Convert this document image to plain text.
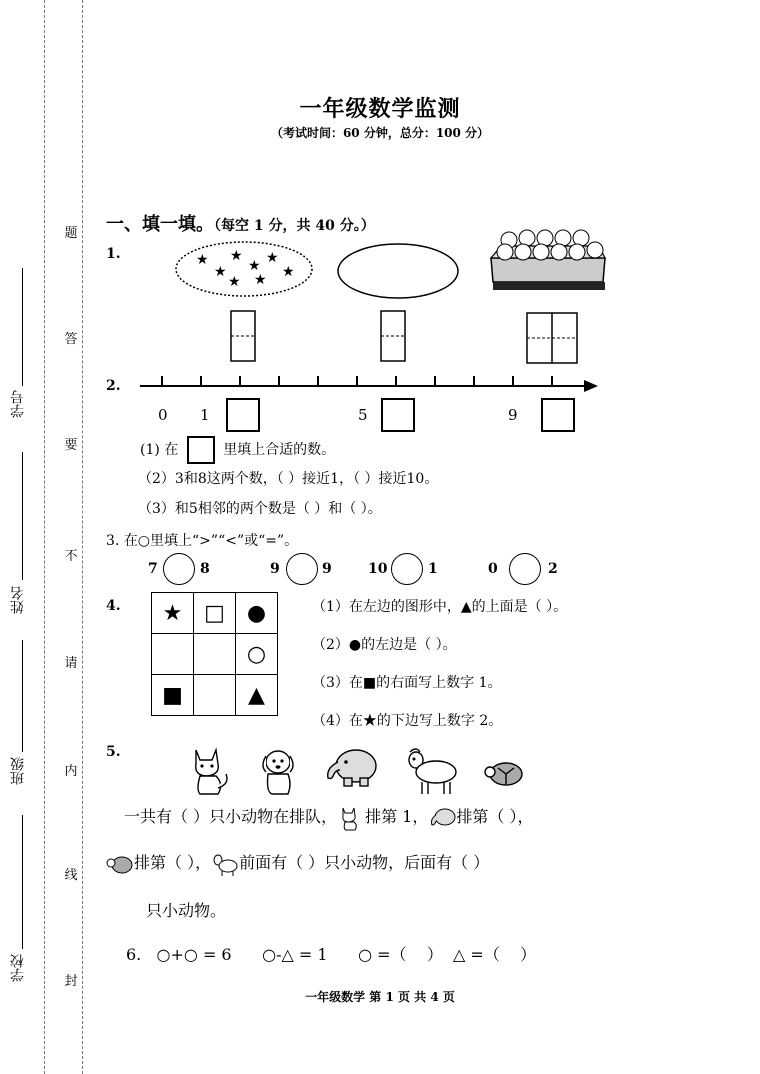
学号
姓名
班级
学校
题
答
要
不
请
内
线
封
一年级数学监测
（考试时间：60 分钟，总分：100 分）
一、填一填。（每空 1 分，共 40 分。）
1.	★
★
★
★ ★
★
★ ★
2.
0 1	5	9
(1) 在	里填上合适的数。
（2）3和8这两个数，（ ）接近1，（ ）接近10。
（3）和5相邻的两个数是（ ）和（ ）。
3. 在○里填上“>”“<”或“=”。
7	8	9	9	10	1	0	2
4. ★	□	●
		○
■		▲
（1）在左边的图形中，▲的上面是（ ）。
（2）●的左边是（ ）。
（3）在■的右面写上数字 1。
（4）在★的下边写上数字 2。
5.
一共有（ ）只小动物在排队， 排第 1， 排第（ ），
排第（ ）， 前面有（ ）只小动物，后面有（ ）
只小动物。
6.   ○+○ = 6      ○-△ = 1      ○ =（    ）  △ =（    ）
一年级数学 第 1 页 共 4 页
